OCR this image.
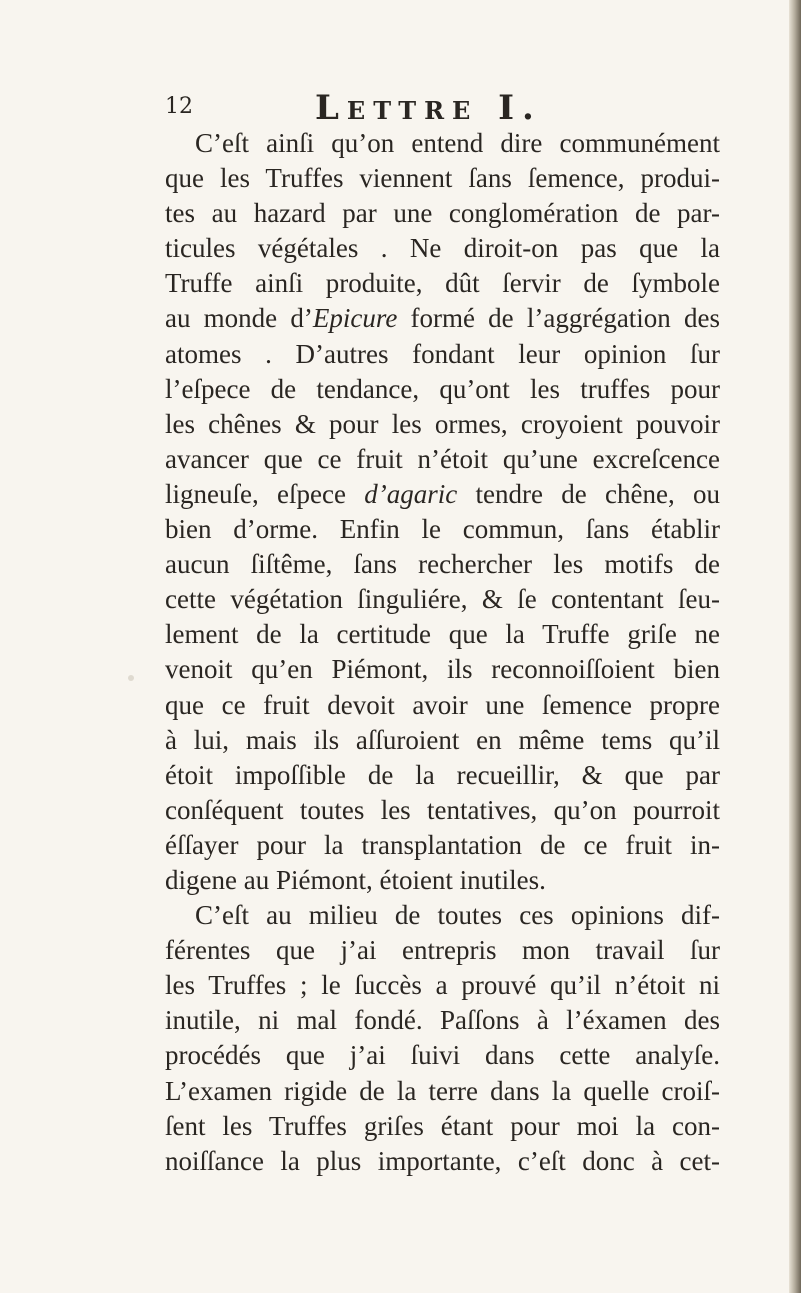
12	Lettre I.
C’eſt ainſi qu’on entend dire communément
que les Truffes viennent ſans ſemence, produi-
tes au hazard par une conglomération de par-
ticules végétales . Ne diroit-on pas que la
Truffe ainſi produite, dût ſervir de ſymbole
au monde d’Epicure formé de l’aggrégation des
atomes . D’autres fondant leur opinion ſur
l’eſpece de tendance, qu’ont les truffes pour
les chênes & pour les ormes, croyoient pouvoir
avancer que ce fruit n’étoit qu’une excreſcence
ligneuſe, eſpece d’agaric tendre de chêne, ou
bien d’orme. Enfin le commun, ſans établir
aucun ſiſtême, ſans rechercher les motifs de
cette végétation ſinguliére, & ſe contentant ſeu-
lement de la certitude que la Truffe griſe ne
venoit qu’en Piémont, ils reconnoiſſoient bien
que ce fruit devoit avoir une ſemence propre
à lui, mais ils aſſuroient en même tems qu’il
étoit impoſſible de la recueillir, & que par
conſéquent toutes les tentatives, qu’on pourroit
éſſayer pour la transplantation de ce fruit in-
digene au Piémont, étoient inutiles.
C’eſt au milieu de toutes ces opinions dif-
férentes que j’ai entrepris mon travail ſur
les Truffes ; le ſuccès a prouvé qu’il n’étoit ni
inutile, ni mal fondé. Paſſons à l’éxamen des
procédés que j’ai ſuivi dans cette analyſe.
L’examen rigide de la terre dans la quelle croiſ-
ſent les Truffes griſes étant pour moi la con-
noiſſance la plus importante, c’eſt donc à cet-
